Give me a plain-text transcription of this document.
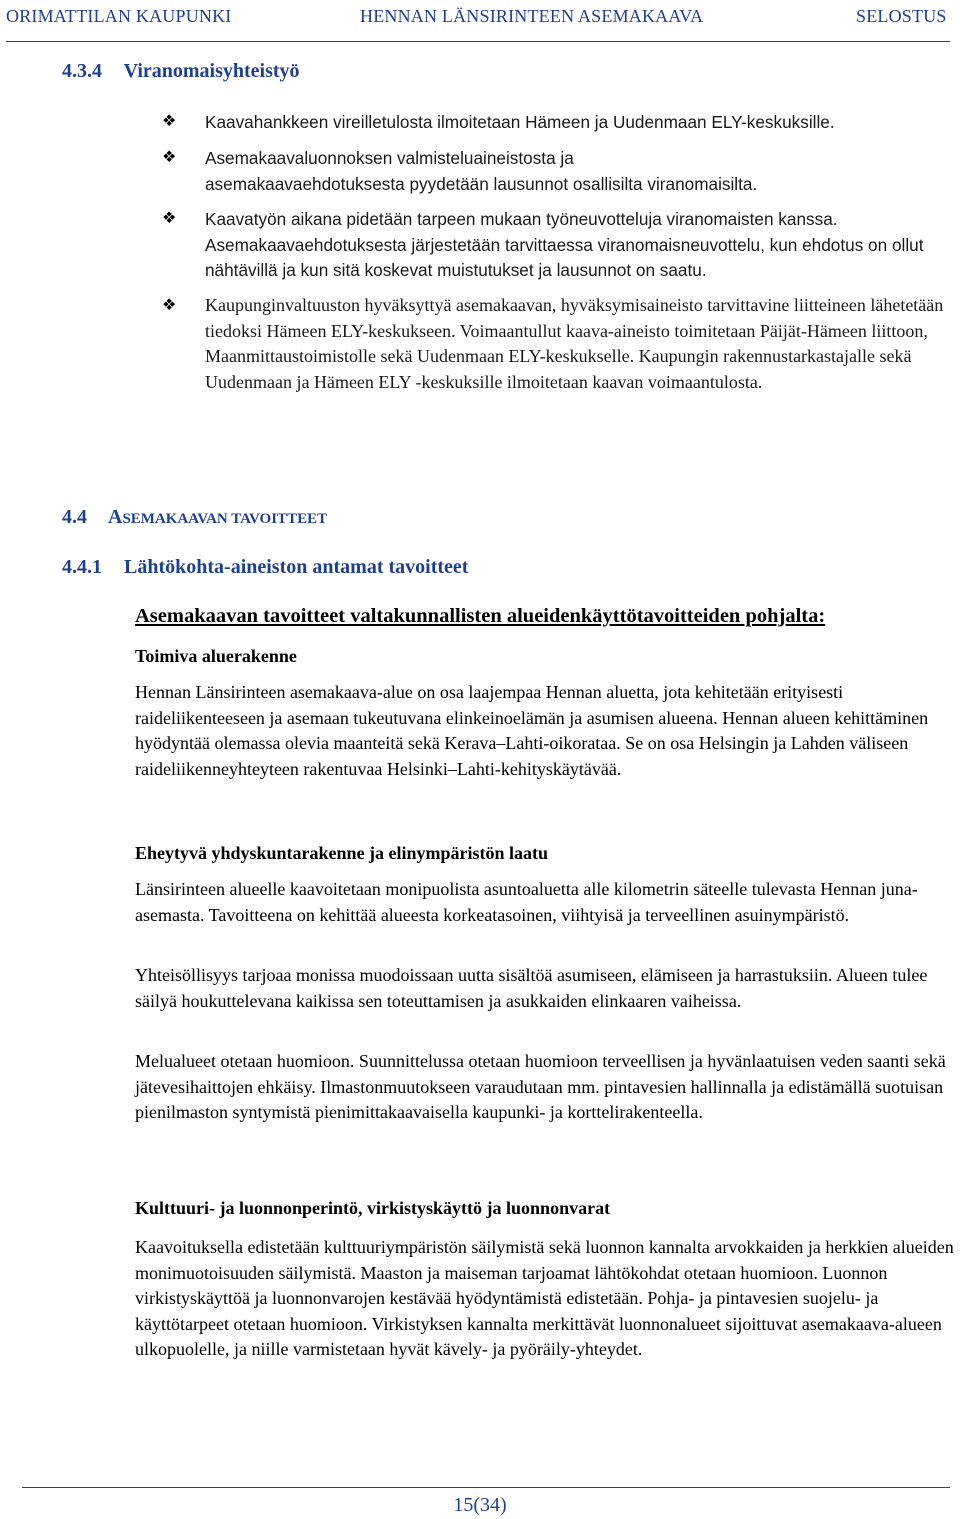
ORIMATTILAN KAUPUNKI	HENNAN LÄNSIRINTEEN ASEMAKAAVA	SELOSTUS
4.3.4 Viranomaisyhteistyö
❖ Kaavahankkeen vireilletulosta ilmoitetaan Hämeen ja Uudenmaan ELY-keskuksille.
❖ Asemakaavaluonnoksen valmisteluaineistosta ja asemakaavaehdotuksesta pyydetään lausunnot osallisilta viranomaisilta.
❖ Kaavatyön aikana pidetään tarpeen mukaan työneuvotteluja viranomaisten kanssa. Asemakaavaehdotuksesta järjestetään tarvittaessa viranomaisneuvottelu, kun ehdotus on ollut nähtävillä ja kun sitä koskevat muistutukset ja lausunnot on saatu.
❖ Kaupunginvaltuuston hyväksyttyä asemakaavan, hyväksymisaineisto tarvittavine liitteineen lähetetään tiedoksi Hämeen ELY-keskukseen. Voimaantullut kaava-aineisto toimitetaan Päijät-Hämeen liittoon, Maanmittaustoimistolle sekä Uudenmaan ELY-keskukselle. Kaupungin rakennustarkastajalle sekä Uudenmaan ja Hämeen ELY -keskuksille ilmoitetaan kaavan voimaantulosta.
4.4 ASEMAKAAVAN TAVOITTEET
4.4.1 Lähtökohta-aineiston antamat tavoitteet
Asemakaavan tavoitteet valtakunnallisten alueidenkäyttötavoitteiden pohjalta:
Toimiva aluerakenne
Hennan Länsirinteen asemakaava-alue on osa laajempaa Hennan aluetta, jota kehitetään erityisesti raideliikenteeseen ja asemaan tukeutuvana elinkeinoelämän ja asumisen alueena. Hennan alueen kehittäminen hyödyntää olemassa olevia maanteitä sekä Kerava–Lahti-oikorataa. Se on osa Helsingin ja Lahden väliseen raideliikenneyhteyteen rakentuvaa Helsinki–Lahti-kehityskäytävää.
Eheytyvä yhdyskuntarakenne ja elinympäristön laatu
Länsirinteen alueelle kaavoitetaan monipuolista asuntoaluetta alle kilometrin säteelle tulevasta Hennan juna-asemasta. Tavoitteena on kehittää alueesta korkeatasoinen, viihtyisä ja terveellinen asuinympäristö.
Yhteisöllisyys tarjoaa monissa muodoissaan uutta sisältöä asumiseen, elämiseen ja harrastuksiin. Alueen tulee säilyä houkuttelevana kaikissa sen toteuttamisen ja asukkaiden elinkaaren vaiheissa.
Melualueet otetaan huomioon. Suunnittelussa otetaan huomioon terveellisen ja hyvänlaatuisen veden saanti sekä jätevesihaittojen ehkäisy. Ilmastonmuutokseen varaudutaan mm. pintavesien hallinnalla ja edistämällä suotuisan pienilmaston syntymistä pienimittakaavaisella kaupunki- ja korttelirakenteella.
Kulttuuri- ja luonnonperintö, virkistyskäyttö ja luonnonvarat
Kaavoituksella edistetään kulttuuriympäristön säilymistä sekä luonnon kannalta arvokkaiden ja herkkien alueiden monimuotoisuuden säilymistä. Maaston ja maiseman tarjoamat lähtökohdat otetaan huomioon. Luonnon virkistyskäyttöä ja luonnonvarojen kestävää hyödyntämistä edistetään. Pohja- ja pintavesien suojelu- ja käyttötarpeet otetaan huomioon. Virkistyksen kannalta merkittävät luonnonalueet sijoittuvat asemakaava-alueen ulkopuolelle, ja niille varmistetaan hyvät kävely- ja pyöräily-yhteydet.
15(34)
